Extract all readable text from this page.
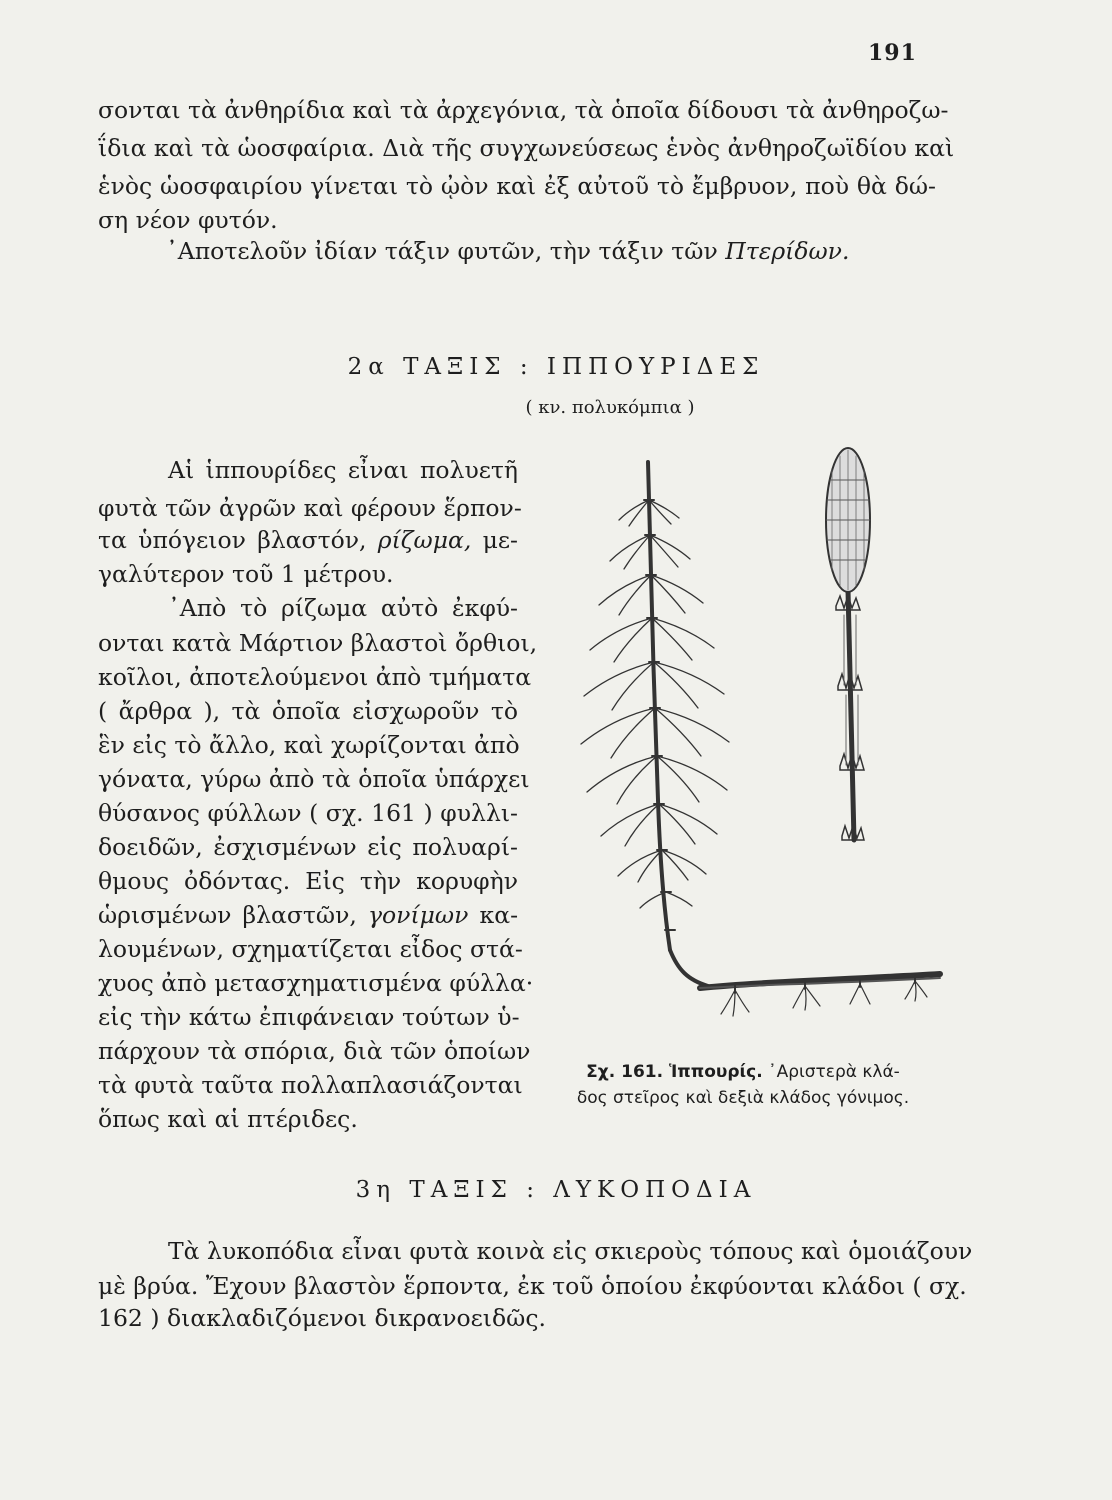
191
σονται τὰ ἀνθηρίδια καὶ τὰ ἀρχεγόνια, τὰ ὁποῖα δίδουσι τὰ ἀνθηροζω-
ΐδια καὶ τὰ ὡοσφαίρια. Διὰ τῆς συγχωνεύσεως ἑνὸς ἀνθηροζωϊδίου καὶ
ἑνὸς ὡοσφαιρίου γίνεται τὸ ᾠὸν καὶ ἐξ αὐτοῦ τὸ ἔμβρυον, ποὺ θὰ δώ-
ση νέον φυτόν.
᾿Αποτελοῦν ἰδίαν τάξιν φυτῶν, τὴν τάξιν τῶν Πτερίδων.
2α ΤΑΞΙΣ : ΙΠΠΟΥΡΙΔΕΣ
( κν. πολυκόμπια )
Αἱ ἱππουρίδες εἶναι πολυετῆ
φυτὰ τῶν ἀγρῶν καὶ φέρουν ἕρπον-
τα ὑπόγειον βλαστόν, ρίζωμα, με-
γαλύτερον τοῦ 1 μέτρου.
᾿Απὸ τὸ ρίζωμα αὐτὸ ἐκφύ-
ονται κατὰ Μάρτιον βλαστοὶ ὄρθιοι,
κοῖλοι, ἀποτελούμενοι ἀπὸ τμήματα
( ἄρθρα ), τὰ ὁποῖα εἰσχωροῦν τὸ
ἓν εἰς τὸ ἄλλο, καὶ χωρίζονται ἀπὸ
γόνατα, γύρω ἀπὸ τὰ ὁποῖα ὑπάρχει
θύσανος φύλλων ( σχ. 161 ) φυλλι-
δοειδῶν, ἐσχισμένων εἰς πολυαρί-
θμους ὀδόντας. Εἰς τὴν κορυφὴν
ὡρισμένων βλαστῶν, γονίμων κα-
λουμένων, σχηματίζεται εἶδος στά-
χυος ἀπὸ μετασχηματισμένα φύλλα·
εἰς τὴν κάτω ἐπιφάνειαν τούτων ὑ-
πάρχουν τὰ σπόρια, διὰ τῶν ὁποίων
τὰ φυτὰ ταῦτα πολλαπλασιάζονται
ὅπως καὶ αἱ πτέριδες.
Σχ. 161. Ἱππουρίς. ᾿Αριστερὰ κλά-
δος στεῖρος καὶ δεξιὰ κλάδος γόνιμος.
3η ΤΑΞΙΣ : ΛΥΚΟΠΟΔΙΑ
Τὰ λυκοπόδια εἶναι φυτὰ κοινὰ εἰς σκιεροὺς τόπους καὶ ὁμοιάζουν
μὲ βρύα. Ἔχουν βλαστὸν ἕρποντα, ἐκ τοῦ ὁποίου ἐκφύονται κλάδοι ( σχ.
162 ) διακλαδιζόμενοι δικρανοειδῶς.
